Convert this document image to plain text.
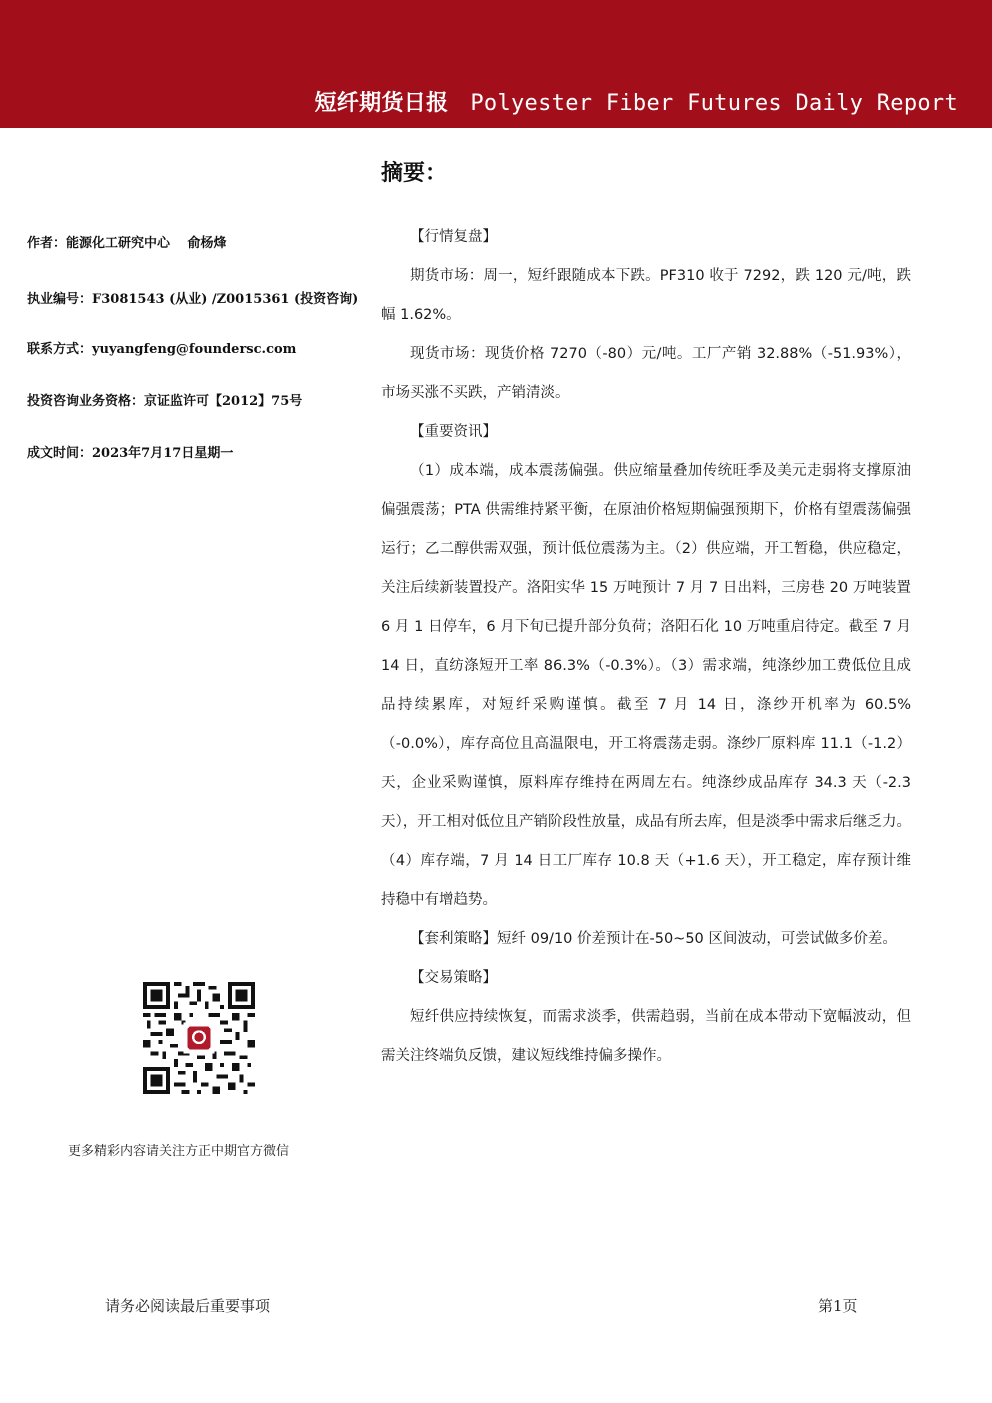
短纤期货日报 Polyester Fiber Futures Daily Report
摘要：
作者：能源化工研究中心　 俞杨烽
执业编号：F3081543 (从业) /Z0015361 (投资咨询)
联系方式：yuyangfeng@foundersc.com
投资咨询业务资格：京证监许可【2012】75号
成文时间：2023年7月17日星期一
更多精彩内容请关注方正中期官方微信
【行情复盘】

期货市场：周一，短纤跟随成本下跌。PF310 收于 7292，跌 120 元/吨，跌幅 1.62%。

现货市场：现货价格 7270（-80）元/吨。工厂产销 32.88%（-51.93%），市场买涨不买跌，产销清淡。

【重要资讯】

（1）成本端，成本震荡偏强。供应缩量叠加传统旺季及美元走弱将支撑原油偏强震荡；PTA 供需维持紧平衡，在原油价格短期偏强预期下，价格有望震荡偏强运行；乙二醇供需双强，预计低位震荡为主。（2）供应端，开工暂稳，供应稳定，关注后续新装置投产。洛阳实华 15 万吨预计 7 月 7 日出料，三房巷 20 万吨装置 6 月 1 日停车，6 月下旬已提升部分负荷；洛阳石化 10 万吨重启待定。截至 7 月 14 日，直纺涤短开工率 86.3%（-0.3%）。（3）需求端，纯涤纱加工费低位且成品持续累库，对短纤采购谨慎。截至 7 月 14 日，涤纱开机率为 60.5%（-0.0%），库存高位且高温限电，开工将震荡走弱。涤纱厂原料库 11.1（-1.2）天，企业采购谨慎，原料库存维持在两周左右。纯涤纱成品库存 34.3 天（-2.3 天），开工相对低位且产销阶段性放量，成品有所去库，但是淡季中需求后继乏力。（4）库存端，7 月 14 日工厂库存 10.8 天（+1.6 天），开工稳定，库存预计维持稳中有增趋势。

【套利策略】短纤 09/10 价差预计在-50~50 区间波动，可尝试做多价差。

【交易策略】

短纤供应持续恢复，而需求淡季，供需趋弱，当前在成本带动下宽幅波动，但需关注终端负反馈，建议短线维持偏多操作。

请务必阅读最后重要事项	第1页
